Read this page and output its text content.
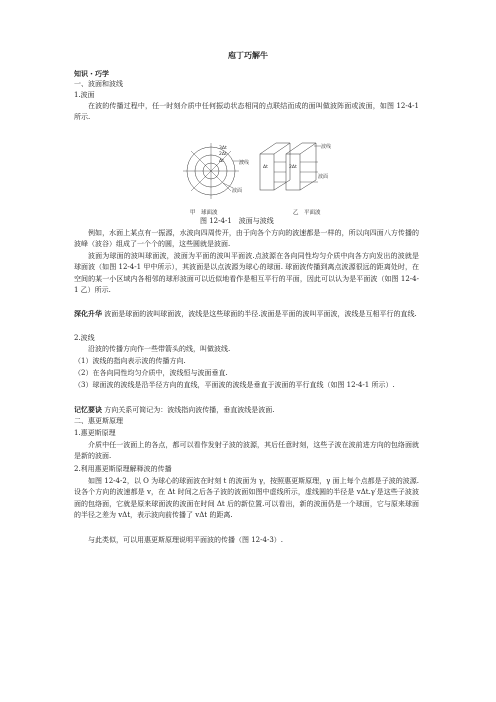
庖丁巧解牛
知识・巧学
一、波面和波线
1.波面
在波的传播过程中，任一时刻介质中任何振动状态相同的点联结而成的面叫做波阵面或波面，如图 12-4-1 所示.
3Δt
2Δt
Δt	波线
波面
Δt	2Δt
波线
波面
甲　球面波	乙　平面波
图 12-4-1　波面与波线
例如，水面上某点有一振源，水波向四周传开，由于向各个方向的波速都是一样的，所以向四面八方传播的波峰（波谷）组成了一个个的圆，这些圆就是波面.
波面为球面的波叫球面波，波面为平面的波叫平面波.点波源在各向同性均匀介质中向各方向发出的波就是球面波（如图 12-4-1 甲中所示），其波面是以点波源为球心的球面. 球面波传播到离点波源很远的距离处时，在空间的某一小区域内各相邻的球形波面可以近似地看作是相互平行的平面，因此可以认为是平面波（如图 12-4-1 乙）所示.
深化升华 波面是球面的波叫球面波，波线是这些球面的半径.波面是平面的波叫平面波，波线是互相平行的直线.
2.波线
沿波的传播方向作一些带箭头的线，叫做波线.
（1）波线的指向表示波的传播方向.
（2）在各向同性均匀介质中，波线恒与波面垂直.
（3）球面波的波线是沿半径方向的直线，平面波的波线是垂直于波面的平行直线（如图 12-4-1 所示）.
记忆要诀 方向关系可简记为：波线指向波传播，垂直波线是波面.
二、惠更斯原理
1.惠更斯原理
介质中任一波面上的各点，都可以看作发射子波的波源，其后任意时刻，这些子波在波前进方向的包络面就是新的波面.
2.利用惠更斯原理解释波的传播
如图 12-4-2，以 O 为球心的球面波在时刻 t 的波面为 γ，按照惠更斯原理，γ 面上每个点都是子波的波源.设各个方向的波速都是 v，在 Δt 时间之后各子波的波面如图中虚线所示，虚线圆的半径是 vΔt.γ′是这些子波波面的包络面，它就是原来球面波的波面在时间 Δt 后的新位置.可以看出，新的波面仍是一个球面，它与原来球面的半径之差为 vΔt，表示波向前传播了 vΔt 的距离.
与此类似，可以用惠更斯原理说明平面波的传播（图 12-4-3）.
